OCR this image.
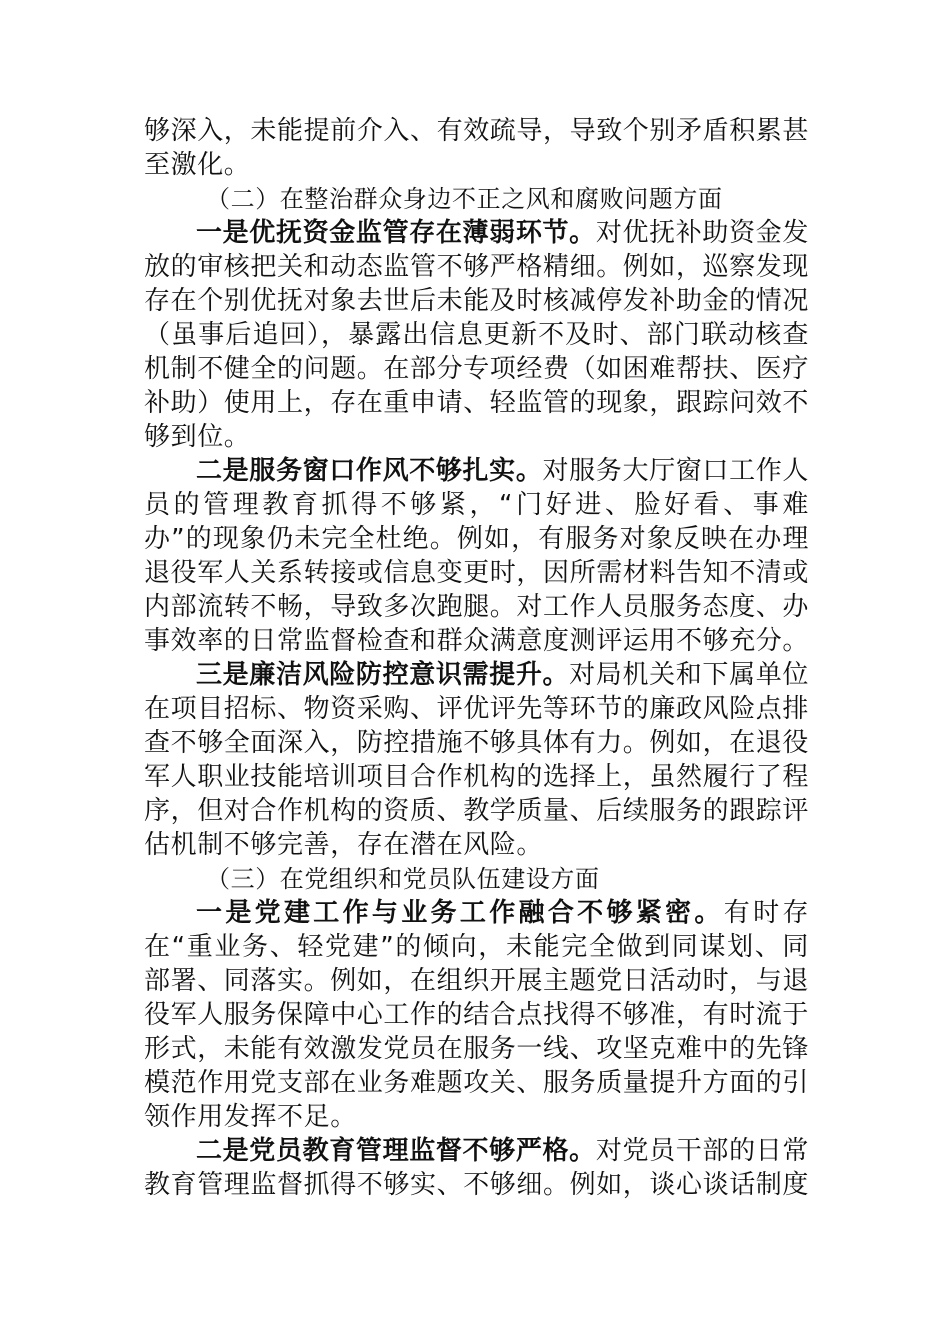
够深入，未能提前介入、有效疏导，导致个别矛盾积累甚至激化。

（二）在整治群众身边不正之风和腐败问题方面

一是优抚资金监管存在薄弱环节。对优抚补助资金发放的审核把关和动态监管不够严格精细。例如，巡察发现存在个别优抚对象去世后未能及时核减停发补助金的情况（虽事后追回），暴露出信息更新不及时、部门联动核查机制不健全的问题。在部分专项经费（如困难帮扶、医疗补助）使用上，存在重申请、轻监管的现象，跟踪问效不够到位。

二是服务窗口作风不够扎实。对服务大厅窗口工作人员的管理教育抓得不够紧，“门好进、脸好看、事难办”的现象仍未完全杜绝。例如，有服务对象反映在办理退役军人关系转接或信息变更时，因所需材料告知不清或内部流转不畅，导致多次跑腿。对工作人员服务态度、办事效率的日常监督检查和群众满意度测评运用不够充分。

三是廉洁风险防控意识需提升。对局机关和下属单位在项目招标、物资采购、评优评先等环节的廉政风险点排查不够全面深入，防控措施不够具体有力。例如，在退役军人职业技能培训项目合作机构的选择上，虽然履行了程序，但对合作机构的资质、教学质量、后续服务的跟踪评估机制不够完善，存在潜在风险。

（三）在党组织和党员队伍建设方面

一是党建工作与业务工作融合不够紧密。有时存在“重业务、轻党建”的倾向，未能完全做到同谋划、同部署、同落实。例如，在组织开展主题党日活动时，与退役军人服务保障中心工作的结合点找得不够准，有时流于形式，未能有效激发党员在服务一线、攻坚克难中的先锋模范作用党支部在业务难题攻关、服务质量提升方面的引领作用发挥不足。

二是党员教育管理监督不够严格。对党员干部的日常教育管理监督抓得不够实、不够细。例如，谈心谈话制度
